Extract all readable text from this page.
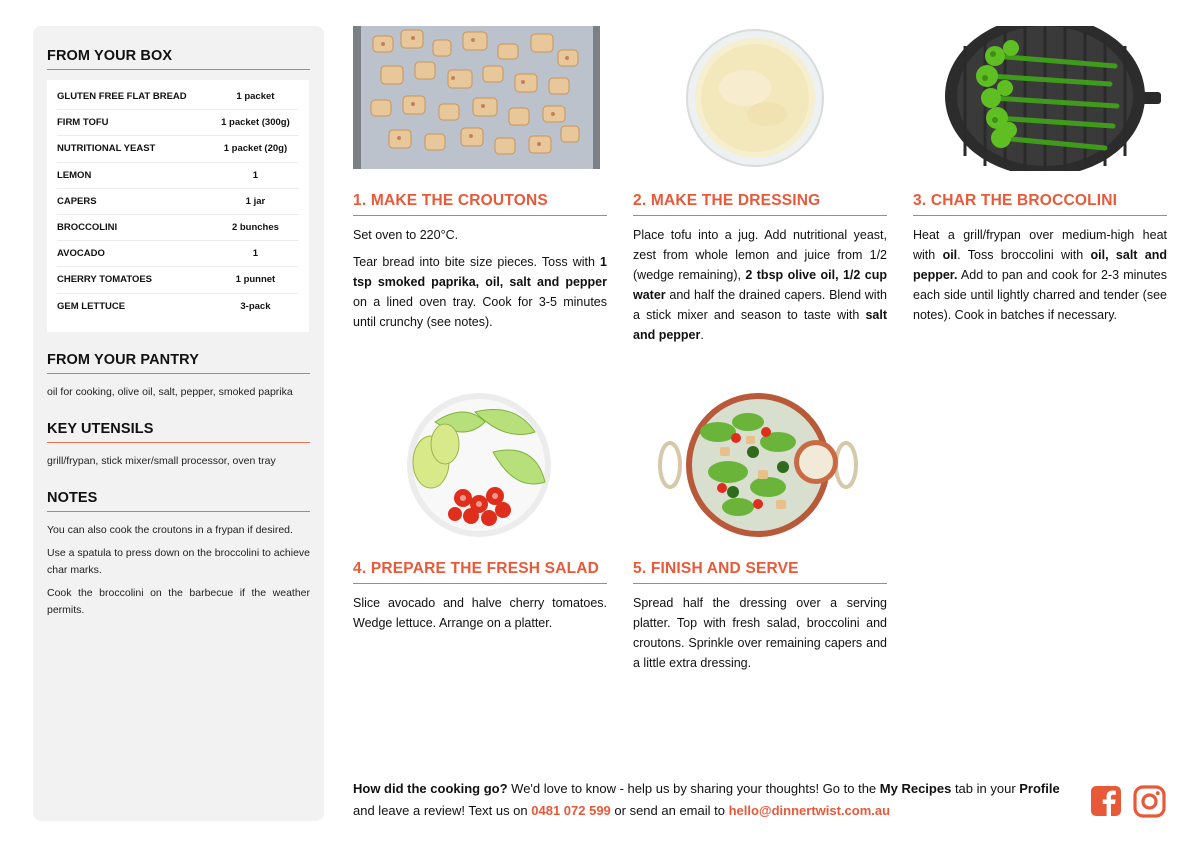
FROM YOUR BOX
GLUTEN FREE FLAT BREAD	1 packet
FIRM TOFU	1 packet (300g)
NUTRITIONAL YEAST	1 packet (20g)
LEMON	1
CAPERS	1 jar
BROCCOLINI	2 bunches
AVOCADO	1
CHERRY TOMATOES	1 punnet
GEM LETTUCE	3-pack
FROM YOUR PANTRY
oil for cooking, olive oil, salt, pepper, smoked paprika
KEY UTENSILS
grill/frypan, stick mixer/small processor, oven tray
NOTES
You can also cook the croutons in a frypan if desired.
Use a spatula to press down on the broccolini to achieve char marks.
Cook the broccolini on the barbecue if the weather permits.
1. MAKE THE CROUTONS

Set oven to 220°C.

Tear bread into bite size pieces. Toss with 1 tsp smoked paprika, oil, salt and pepper on a lined oven tray. Cook for 3-5 minutes until crunchy (see notes).

2. MAKE THE DRESSING

Place tofu into a jug. Add nutritional yeast, zest from whole lemon and juice from 1/2 (wedge remaining), 2 tbsp olive oil, 1/2 cup water and half the drained capers. Blend with a stick mixer and season to taste with salt and pepper.

3. CHAR THE BROCCOLINI

Heat a grill/frypan over medium-high heat with oil. Toss broccolini with oil, salt and pepper. Add to pan and cook for 2-3 minutes each side until lightly charred and tender (see notes). Cook in batches if necessary.

4. PREPARE THE FRESH SALAD

Slice avocado and halve cherry tomatoes. Wedge lettuce. Arrange on a platter.

5. FINISH AND SERVE

Spread half the dressing over a serving platter. Top with fresh salad, broccolini and croutons. Sprinkle over remaining capers and a little extra dressing.

How did the cooking go? We'd love to know - help us by sharing your thoughts! Go to the My Recipes tab in your Profile and leave a review! Text us on 0481 072 599 or send an email to hello@dinnertwist.com.au
